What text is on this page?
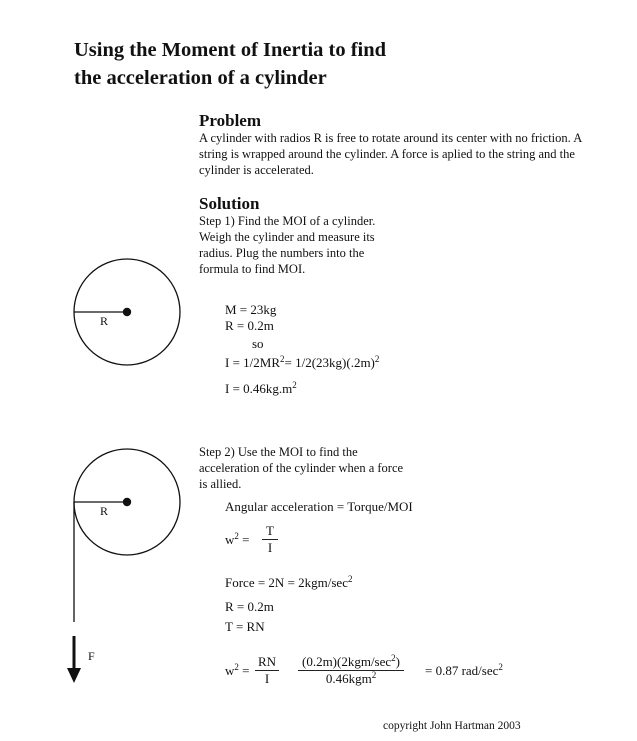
Using the Moment of Inertia to find
the acceleration of a cylinder
Problem
A cylinder with radios R is free to rotate around its center with no friction. A
string is wrapped around the cylinder. A force is aplied to the string and the
cylinder is accelerated.
Solution
Step 1) Find the MOI of a cylinder.
Weigh the cylinder and measure its
radius. Plug the numbers into the
formula to find MOI.
M = 23kg
R = 0.2m
so
$I = 1/2MR^2= 1/2(23kg)(.2m)^2$
$I = 0.46kg.m^2$
Step 2) Use the MOI to find the
acceleration of the cylinder when a force
is allied.
Angular acceleration = Torque/MOI
$w^2$ =
T
I
Force = $2N = 2kgm/\sec^2$
R = 0.2m
T = RN
$w^2$ =
RN
I
$(0.2m)(2kgm/\sec^2)$
0.46kgm$^2$	= 0.87 rad/$\sec^2$
R
R
F
copyright John Hartman 2003
